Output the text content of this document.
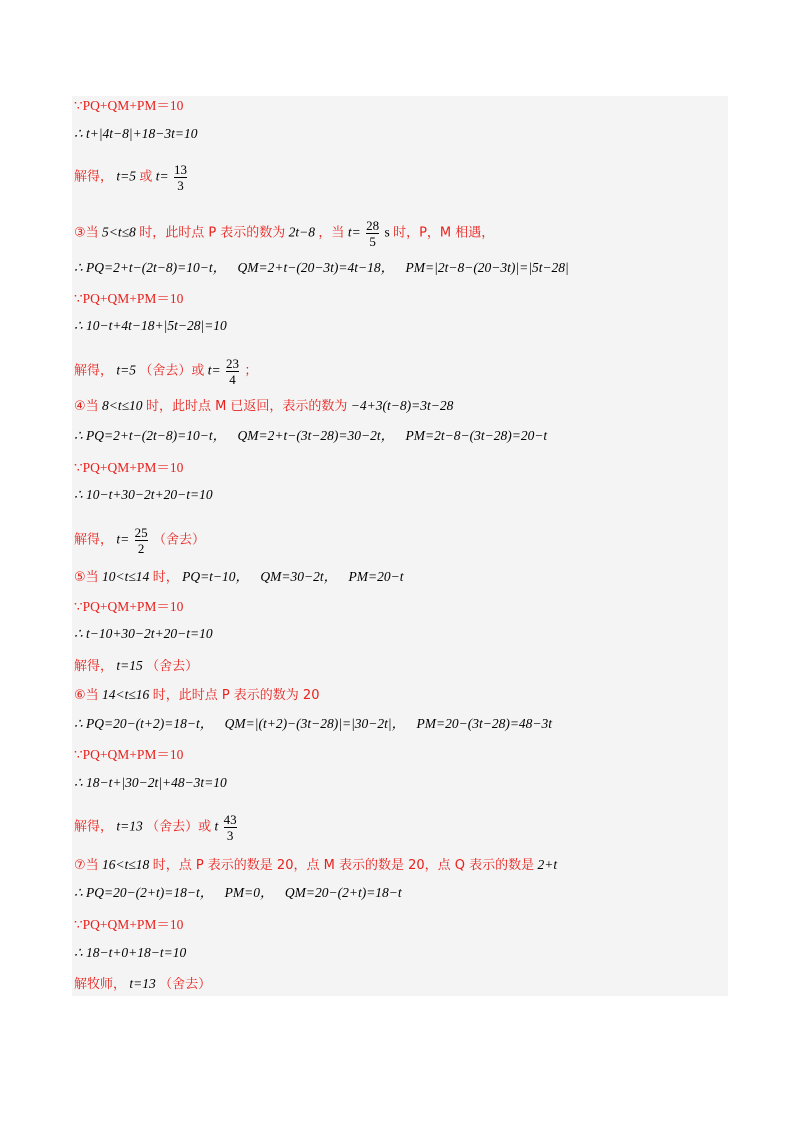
∵PQ+QM+PM＝10
∴ t+|4t−8|+18−3t=10
解得， t=5 或 $t= \frac{13}{3}$
③当 5<t≤8 时，此时点 P 表示的数为 2t−8 ，当 $t= \frac{28}{5}$ s 时，P，M 相遇，
∴ PQ=2+t−(2t−8)=10−t， QM=2+t−(20−3t)=4t−18， PM=|2t−8−(20−3t)|=|5t−28|
∵PQ+QM+PM＝10
∴ 10−t+4t−18+|5t−28|=10
解得， t=5 （舍去）或 $t= \frac{23}{4}$ ；
④当 8<t≤10 时，此时点 M 已返回，表示的数为 −4+3(t−8)=3t−28
∴ PQ=2+t−(2t−8)=10−t， QM=2+t−(3t−28)=30−2t， PM=2t−8−(3t−28)=20−t
∵PQ+QM+PM＝10
∴ 10−t+30−2t+20−t=10
解得， $t= \frac{25}{2}$ （舍去）
⑤当 10<t≤14 时， PQ=t−10， QM=30−2t， PM=20−t
∵PQ+QM+PM＝10
∴ t−10+30−2t+20−t=10
解得， t=15 （舍去）
⑥当 14<t≤16 时，此时点 P 表示的数为 20
∴ PQ=20−(t+2)=18−t， QM=|(t+2)−(3t−28)|=|30−2t|， PM=20−(3t−28)=48−3t
∵PQ+QM+PM＝10
∴ 18−t+|30−2t|+48−3t=10
解得， t=13 （舍去）或 t $\frac{43}{3}$
⑦当 16<t≤18 时，点 P 表示的数是 20，点 M 表示的数是 20，点 Q 表示的数是 2+t
∴ PQ=20−(2+t)=18−t， PM=0， QM=20−(2+t)=18−t
∵PQ+QM+PM＝10
∴ 18−t+0+18−t=10
解牧师， t=13 （舍去）
